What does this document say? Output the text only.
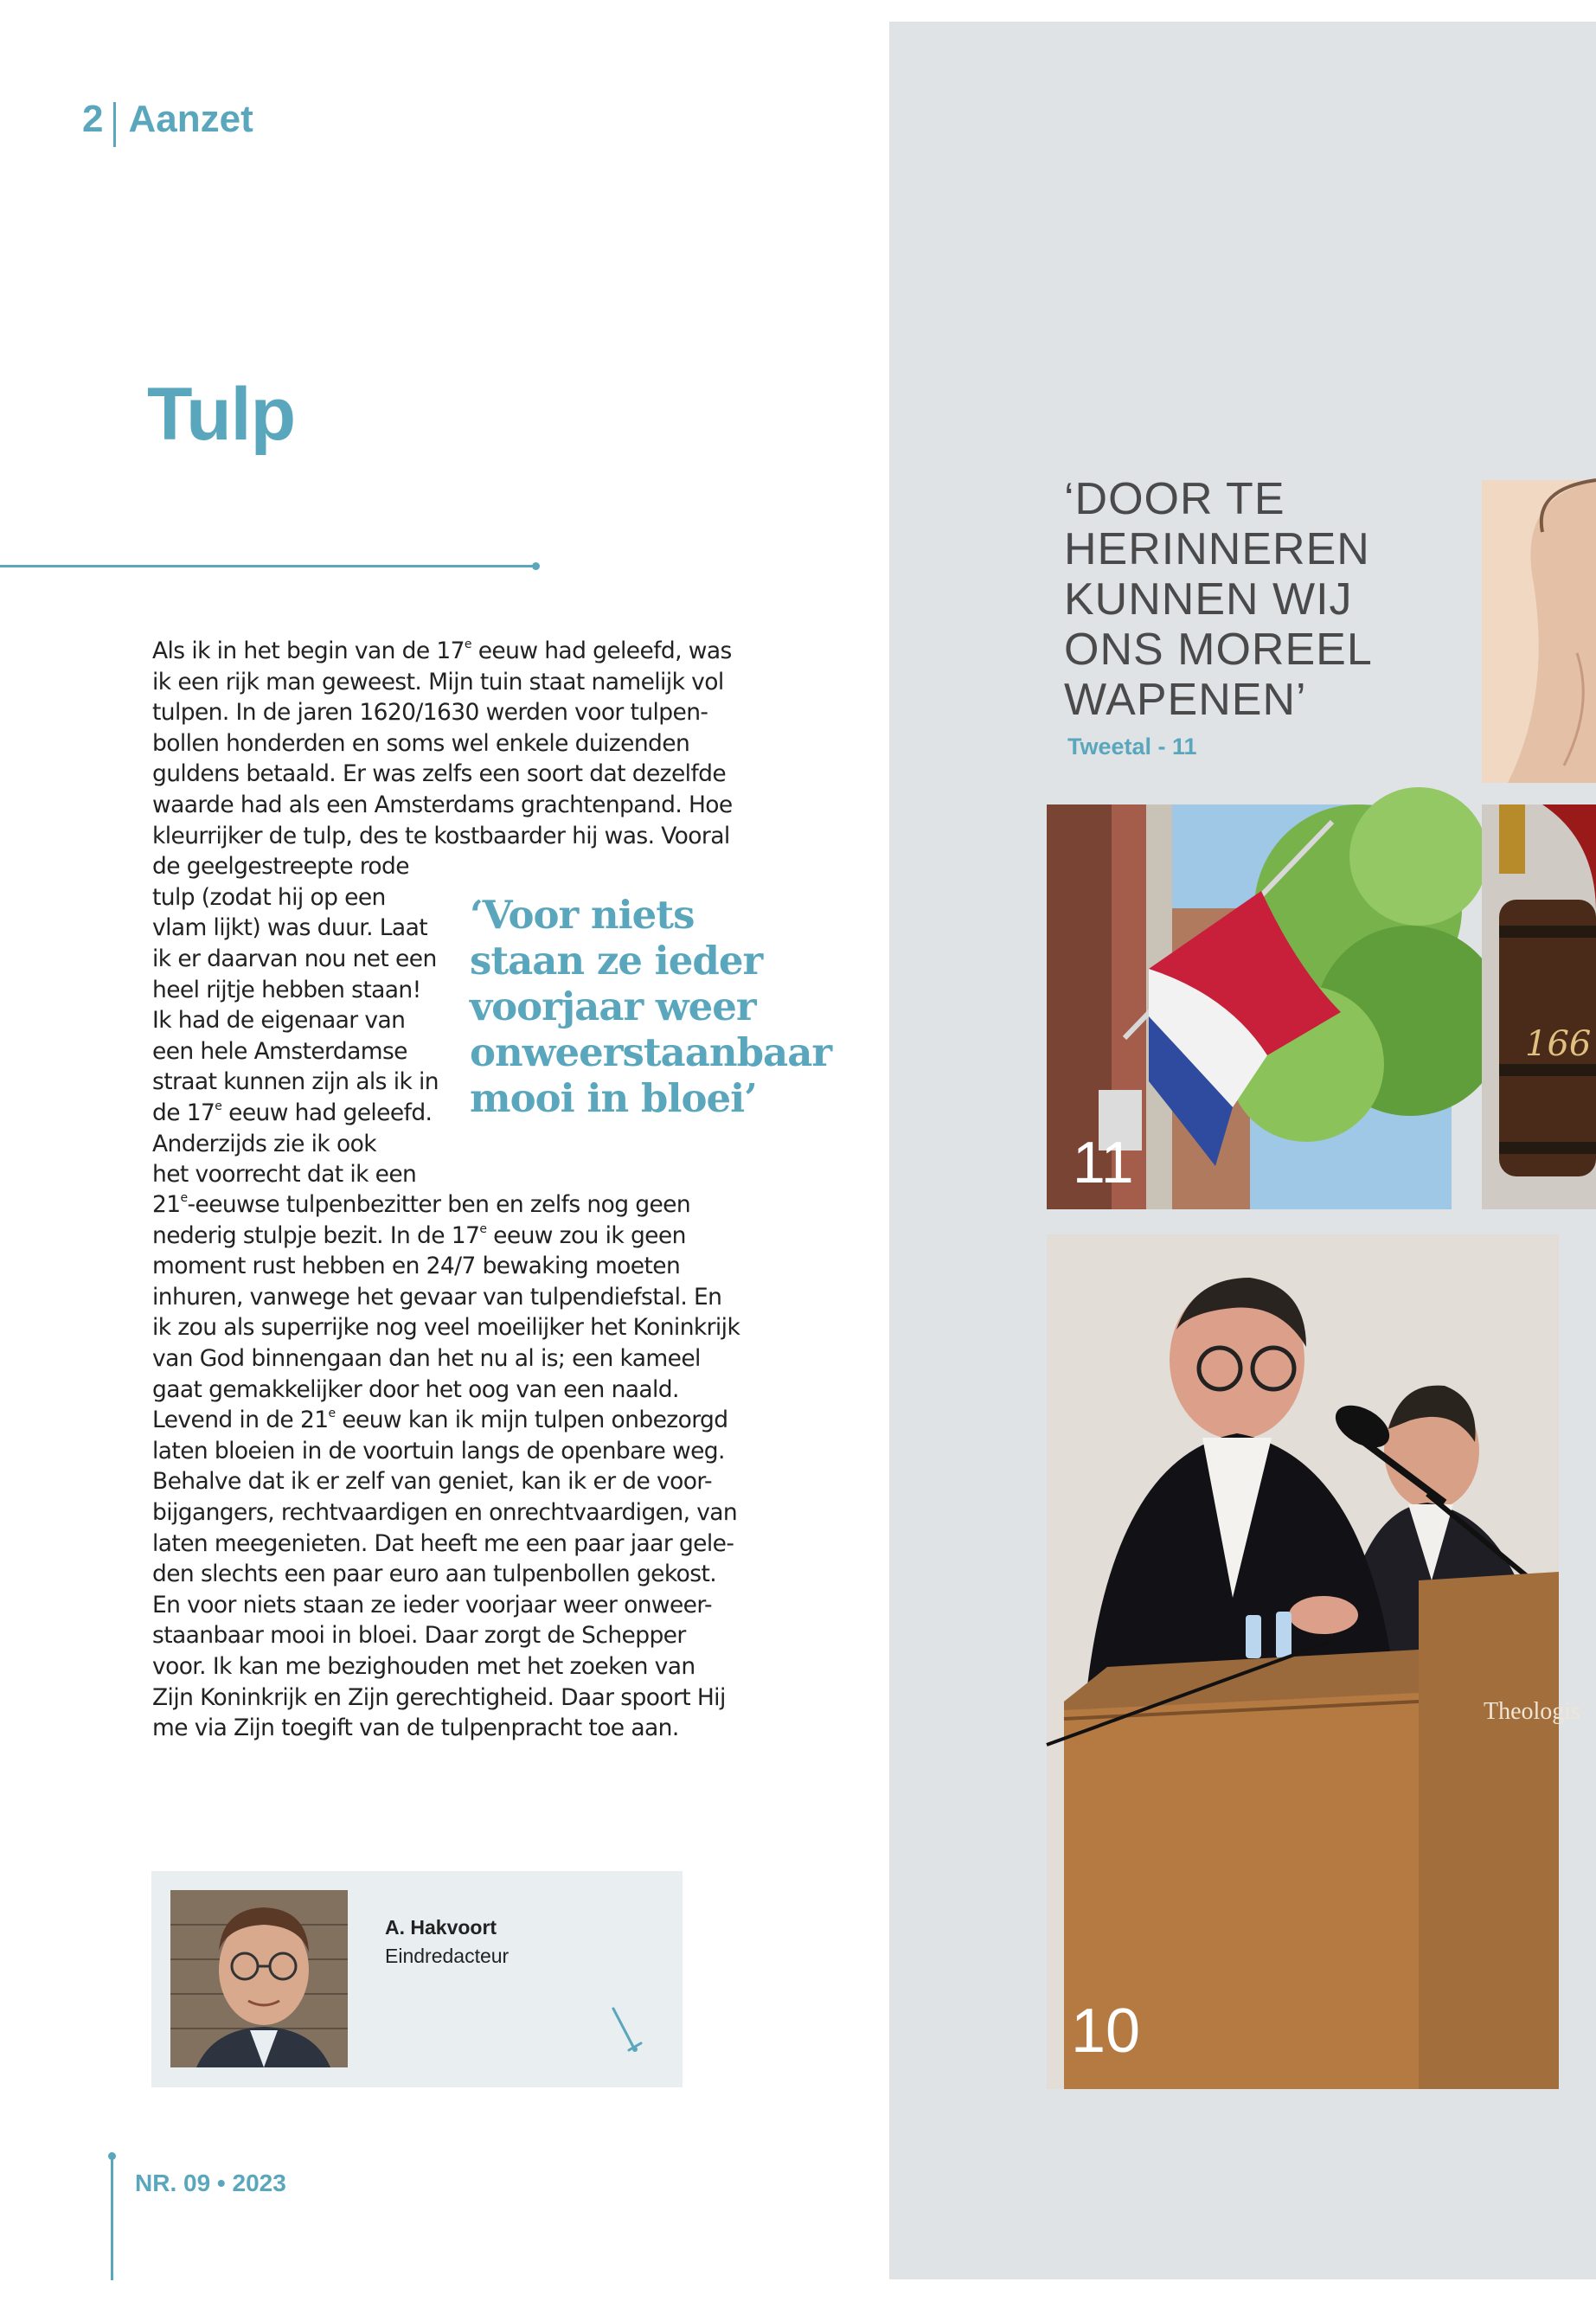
2 Aanzet
Tulp
Als ik in het begin van de 17e eeuw had geleefd, was
ik een rijk man geweest. Mijn tuin staat namelijk vol
tulpen. In de jaren 1620/1630 werden voor tulpen-
bollen honderden en soms wel enkele duizenden
guldens betaald. Er was zelfs een soort dat dezelfde
waarde had als een Amsterdams grachtenpand. Hoe
kleurrijker de tulp, des te kostbaarder hij was. Vooral
de geelgestreepte rode
tulp (zodat hij op een
vlam lijkt) was duur. Laat
ik er daarvan nou net een
heel rijtje hebben staan!
Ik had de eigenaar van
een hele Amsterdamse
straat kunnen zijn als ik in
de 17e eeuw had geleefd.
Anderzijds zie ik ook
het voorrecht dat ik een
‘Voor niets
staan ze ieder
voorjaar weer
onweerstaanbaar
mooi in bloei’
21e-eeuwse tulpenbezitter ben en zelfs nog geen
nederig stulpje bezit. In de 17e eeuw zou ik geen
moment rust hebben en 24/7 bewaking moeten
inhuren, vanwege het gevaar van tulpendiefstal. En
ik zou als superrijke nog veel moeilijker het Koninkrijk
van God binnengaan dan het nu al is; een kameel
gaat gemakkelijker door het oog van een naald.
Levend in de 21e eeuw kan ik mijn tulpen onbezorgd
laten bloeien in de voortuin langs de openbare weg.
Behalve dat ik er zelf van geniet, kan ik er de voor-
bijgangers, rechtvaardigen en onrechtvaardigen, van
laten meegenieten. Dat heeft me een paar jaar gele-
den slechts een paar euro aan tulpenbollen gekost.
En voor niets staan ze ieder voorjaar weer onweer-
staanbaar mooi in bloei. Daar zorgt de Schepper
voor. Ik kan me bezighouden met het zoeken van
Zijn Koninkrijk en Zijn gerechtigheid. Daar spoort Hij
me via Zijn toegift van de tulpenpracht toe aan.
A. Hakvoort
Eindredacteur
NR. 09 • 2023
‘DOOR TE
HERINNEREN
KUNNEN WIJ
ONS MOREEL
WAPENEN’
Tweetal - 11
11
166
Theologis
10
